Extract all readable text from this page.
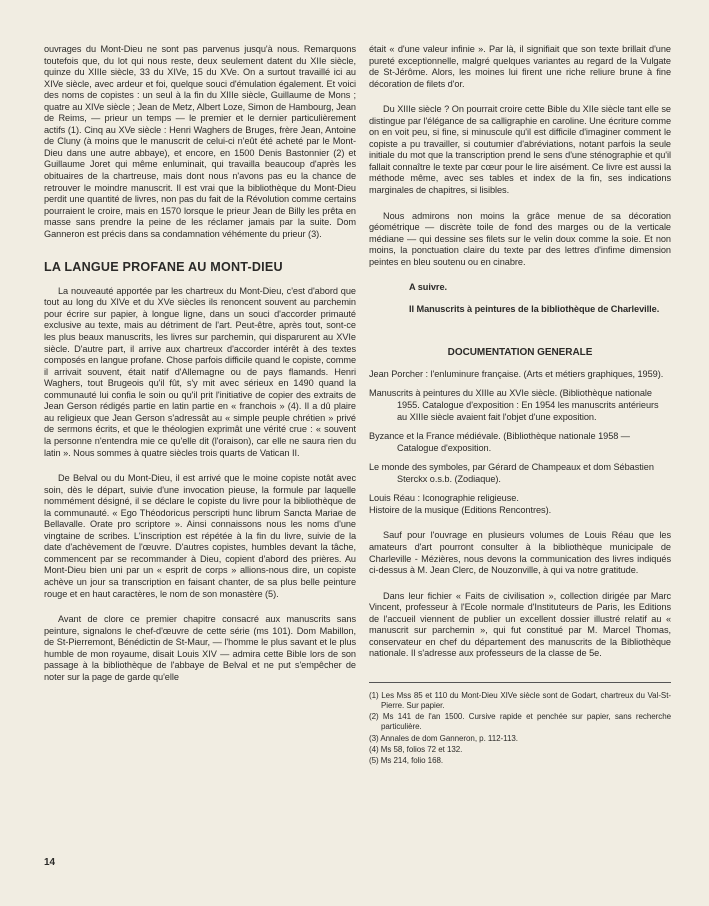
ouvrages du Mont-Dieu ne sont pas parvenus jusqu'à nous. Remarquons toutefois que, du lot qui nous reste, deux seulement datent du XIIe siècle, quinze du XIIIe siècle, 33 du XIVe, 15 du XVe. On a surtout travaillé ici au XIVe siècle, avec ardeur et foi, quelque souci d'émulation également. Et voici des noms de copistes : un seul à la fin du XIIIe siècle, Guillaume de Mons ; quatre au XIVe siècle ; Jean de Metz, Albert Loze, Simon de Hambourg, Jean de Reims, — prieur un temps — le premier et le dernier particulièrement actifs (1). Cinq au XVe siècle : Henri Waghers de Bruges, frère Jean, Antoine de Cluny (à moins que le manuscrit de celui-ci n'eût été acheté par le Mont-Dieu dans une autre abbaye), et encore, en 1500 Denis Bastonnier (2) et Guillaume Joret qui même enluminait, qui travailla beaucoup d'après les obituaires de la chartreuse, mais dont nous n'avons pas eu la chance de retrouver le moindre manuscrit. Il est vrai que la bibliothèque du Mont-Dieu perdit une quantité de livres, non pas du fait de la Révolution comme certains pourraient le croire, mais en 1570 lorsque le prieur Jean de Billy les prêta en masse sans prendre la peine de les réclamer jamais par la suite. Dom Ganneron est précis dans sa condamnation véhémente du prieur (3).

LA LANGUE PROFANE AU MONT-DIEU

La nouveauté apportée par les chartreux du Mont-Dieu, c'est d'abord que tout au long du XIVe et du XVe siècles ils renoncent souvent au parchemin pour écrire sur papier, à longue ligne, dans un souci d'accorder primauté exclusive au texte, mais au détriment de l'art. Peut-être, après tout, sont-ce les plus beaux manuscrits, les livres sur parchemin, qui disparurent au XVIe siècle. D'autre part, il arrive aux chartreux d'accorder intérêt à des textes composés en langue profane. Chose parfois difficile quand le copiste, comme il arrivait souvent, était natif d'Allemagne ou de pays flamands. Henri Waghers, tout Brugeois qu'il fût, s'y mit avec sérieux en 1490 quand la communauté lui confia le soin ou qu'il prit l'initiative de copier des extraits de Jean Gerson rédigés partie en latin partie en « franchois » (4). Il a dû plaire au religieux que Jean Gerson s'adressât au « simple peuple chrétien » privé de sermons écrits, et que le théologien exprimât une vérité crue : « souvent la personne n'entendra mie ce qu'elle dit (l'oraison), car elle ne saura rien du latin ». Nous sommes à quatre siècles trois quarts de Vatican II.

De Belval ou du Mont-Dieu, il est arrivé que le moine copiste notât avec soin, dès le départ, suivie d'une invocation pieuse, la formule par laquelle nommément désigné, il se déclare le copiste du livre pour la bibliothèque de la communauté. « Ego Théodoricus perscripti hunc librum Sancta Mariae de Bellavalle. Orate pro scriptore ». Ainsi connaissons nous les noms d'une vingtaine de scribes. L'inscription est répétée à la fin du livre, suivie de la date d'achèvement de l'œuvre. D'autres copistes, humbles devant la tâche, commencent par se recommander à Dieu, copient d'abord des prières. Au Mont-Dieu bien uni par un « esprit de corps » allions-nous dire, un copiste achève un jour sa transcription en faisant chanter, de sa plus belle peinture rouge et en haut caractères, le nom de son monastère (5).

Avant de clore ce premier chapitre consacré aux manuscrits sans peinture, signalons le chef-d'œuvre de cette série (ms 101). Dom Mabillon, de St-Pierremont, Bénédictin de St-Maur, — l'homme le plus savant et le plus humble de mon royaume, disait Louis XIV — admira cette Bible lors de son passage à la bibliothèque de l'abbaye de Belval et ne put s'empêcher de noter sur la page de garde qu'elle

était « d'une valeur infinie ». Par là, il signifiait que son texte brillait d'une pureté exceptionnelle, malgré quelques variantes au regard de la Vulgate de St-Jérôme. Alors, les moines lui firent une riche reliure brune à fine décoration de filets d'or.

Du XIIIe siècle ? On pourrait croire cette Bible du XIIe siècle tant elle se distingue par l'élégance de sa calligraphie en caroline. Une écriture comme on en voit peu, si fine, si minuscule qu'il est difficile d'imaginer comment le copiste a pu travailler, si coutumier d'abréviations, notant parfois la seule initiale du mot que la transcription prend le sens d'une sténographie et qu'il fallait connaître le texte par cœur pour le lire aisément. Ce livre est aussi la méthode même, avec ses tables et index de la fin, ses indications marginales de chapitres, si lisibles.

Nous admirons non moins la grâce menue de sa décoration géométrique — discrète toile de fond des marges ou de la verticale médiane — qui dessine ses filets sur le velin doux comme la soie. Et non moins, la ponctuation claire du texte par des lettres d'infime dimension peintes en bleu soutenu ou en cinabre.

A suivre.
II Manuscrits à peintures de la bibliothèque de Charleville.
DOCUMENTATION GENERALE
Jean Porcher : l'enluminure française. (Arts et métiers graphiques, 1959).
Manuscrits à peintures du XIIIe au XVIe siècle. (Bibliothèque nationale 1955. Catalogue d'exposition : En 1954 les manuscrits antérieurs au XIIIe siècle avaient fait l'objet d'une exposition.
Byzance et la France médiévale. (Bibliothèque nationale 1958 — Catalogue d'exposition.
Le monde des symboles, par Gérard de Champeaux et dom Sébastien Sterckx o.s.b. (Zodiaque).
Louis Réau : Iconographie religieuse.
Histoire de la musique (Editions Rencontres).

Sauf pour l'ouvrage en plusieurs volumes de Louis Réau que les amateurs d'art pourront consulter à la bibliothèque municipale de Charleville - Mézières, nous devons la communication des livres indiqués ci-dessus à M. Jean Clerc, de Nouzonville, à qui va notre gratitude.

Dans leur fichier « Faits de civilisation », collection dirigée par Marc Vincent, professeur à l'Ecole normale d'Instituteurs de Paris, les Editions de l'accueil viennent de publier un excellent dossier illustré relatif au « manuscrit sur parchemin », qui fut constitué par M. Marcel Thomas, conservateur en chef du département des manuscrits de la Bibliothèque nationale. Il s'adresse aux professeurs de la classe de 5e.

(1) Les Mss 85 et 110 du Mont-Dieu XIVe siècle sont de Godart, chartreux du Val-St-Pierre. Sur papier.
(2) Ms 141 de l'an 1500. Cursive rapide et penchée sur papier, sans recherche particulière.
(3) Annales de dom Ganneron, p. 112-113.
(4) Ms 58, folios 72 et 132.
(5) Ms 214, folio 168.
14
